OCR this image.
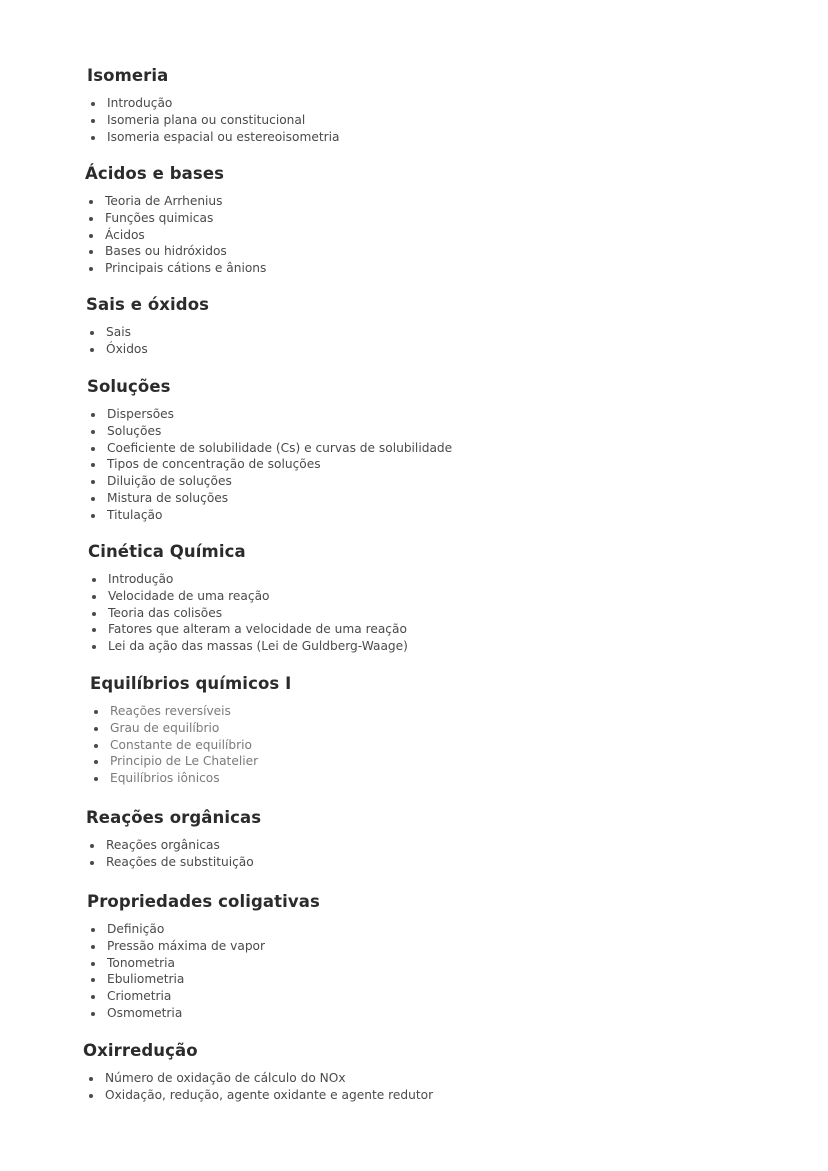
Isomeria
Introdução
Isomeria plana ou constitucional
Isomeria espacial ou estereoisometria
Ácidos e bases
Teoria de Arrhenius
Funções quimicas
Ácidos
Bases ou hidróxidos
Principais cátions e ânions
Sais e óxidos
Sais
Óxidos
Soluções
Dispersões
Soluções
Coeficiente de solubilidade (Cs) e curvas de solubilidade
Tipos de concentração de soluções
Diluição de soluções
Mistura de soluções
Titulação
Cinética Química
Introdução
Velocidade de uma reação
Teoria das colisões
Fatores que alteram a velocidade de uma reação
Lei da ação das massas (Lei de Guldberg-Waage)
Equilíbrios químicos I
Reações reversíveis
Grau de equilíbrio
Constante de equilíbrio
Principio de Le Chatelier
Equilíbrios iônicos
Reações orgânicas
Reações orgânicas
Reações de substituição
Propriedades coligativas
Definição
Pressão máxima de vapor
Tonometria
Ebuliometria
Criometria
Osmometria
Oxirredução
Número de oxidação de cálculo do NOx
Oxidação, redução, agente oxidante e agente redutor
